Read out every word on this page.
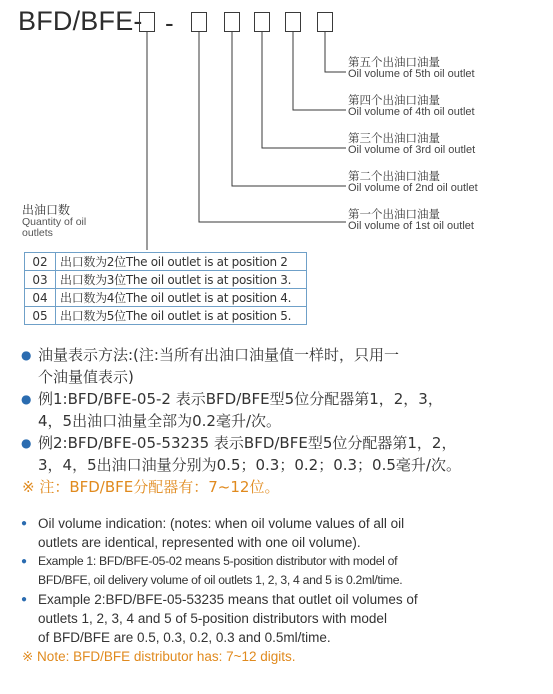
BFD/BFE- -
第五个出油口油量
Oil volume of 5th oil outlet
第四个出油口油量
Oil volume of 4th oil outlet
第三个出油口油量
Oil volume of 3rd oil outlet
第二个出油口油量
Oil volume of 2nd oil outlet
第一个出油口油量
Oil volume of 1st oil outlet
出油口数
Quantity of oil outlets
02	出口数为2位The oil outlet is at position 2
03	出口数为3位The oil outlet is at position 3.
04	出口数为4位The oil outlet is at position 4.
05	出口数为5位The oil outlet is at position 5.
● 油量表示方法:(注:当所有出油口油量值一样时，只用一
个油量值表示)
● 例1:BFD/BFE-05-2 表示BFD/BFE型5位分配器第1，2，3，
4，5出油口油量全部为0.2毫升/次。
● 例2:BFD/BFE-05-53235 表示BFD/BFE型5位分配器第1，2，
3，4，5出油口油量分别为0.5；0.3；0.2；0.3；0.5毫升/次。
※ 注：BFD/BFE分配器有：7~12位。
● Oil volume indication: (notes: when oil volume values of all oil
outlets are identical, represented with one oil volume).
● Example 1: BFD/BFE-05-02 means 5-position distributor with model of
BFD/BFE, oil delivery volume of oil outlets 1, 2, 3, 4 and 5 is 0.2ml/time.
● Example 2:BFD/BFE-05-53235 means that outlet oil volumes of
outlets 1, 2, 3, 4 and 5 of 5-position distributors with model
of BFD/BFE are 0.5, 0.3, 0.2, 0.3 and 0.5ml/time.
※ Note: BFD/BFE distributor has: 7~12 digits.
